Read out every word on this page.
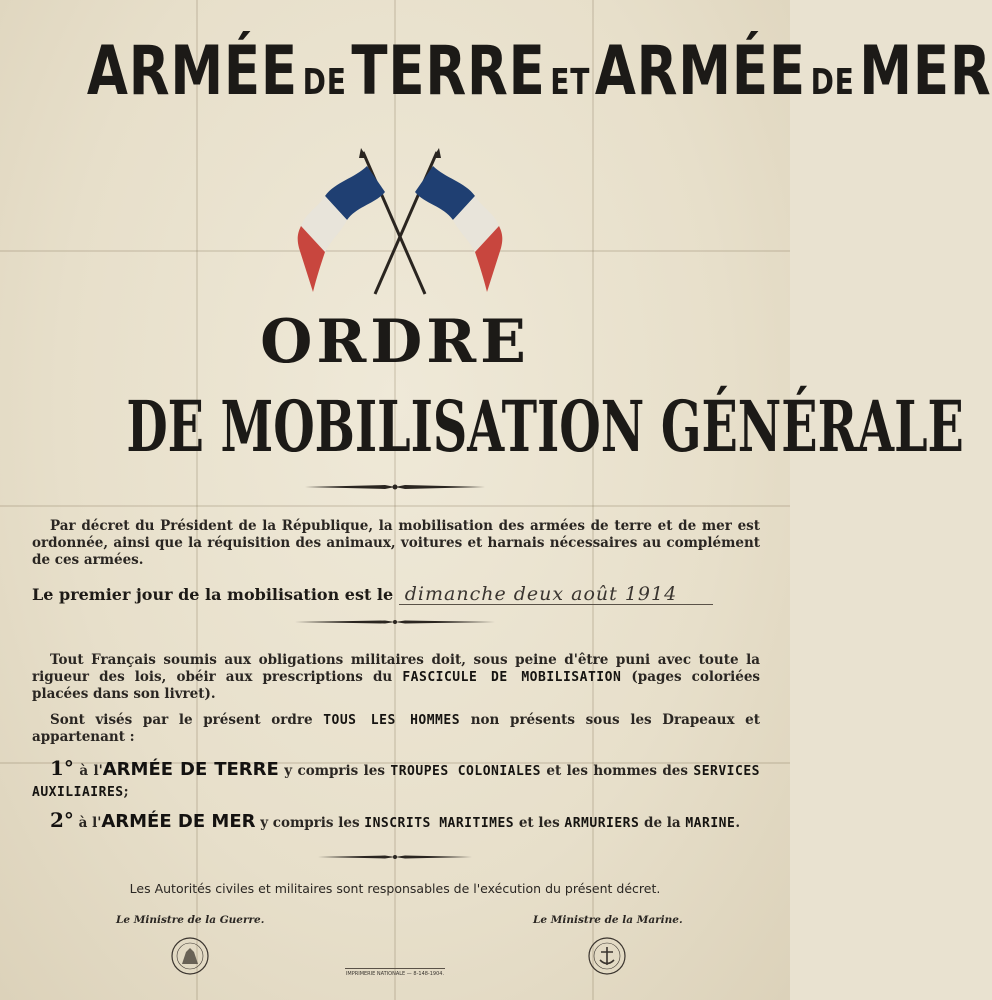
ARMÉE DETERRE ETARMÉE DEMER
ORDRE
DE MOBILISATION GÉNÉRALE
Par décret du Président de la République, la mobilisation des armées de terre et de mer est ordonnée, ainsi que la réquisition des animaux, voitures et harnais nécessaires au complément de ces armées.
Le premier jour de la mobilisation est le dimanche deux août 1914
Tout Français soumis aux obligations militaires doit, sous peine d'être puni avec toute la rigueur des lois, obéir aux prescriptions du FASCICULE DE MOBILISATION (pages coloriées placées dans son livret).
Sont visés par le présent ordre TOUS LES HOMMES non présents sous les Drapeaux et appartenant :
1° à l'ARMÉE DE TERRE y compris les TROUPES COLONIALES et les hommes des SERVICES AUXILIAIRES;
2° à l'ARMÉE DE MER y compris les INSCRITS MARITIMES et les ARMURIERS de la MARINE.
Les Autorités civiles et militaires sont responsables de l'exécution du présent décret.
Le Ministre de la Guerre.	Le Ministre de la Marine.
IMPRIMERIE NATIONALE — 8-148-1904.
